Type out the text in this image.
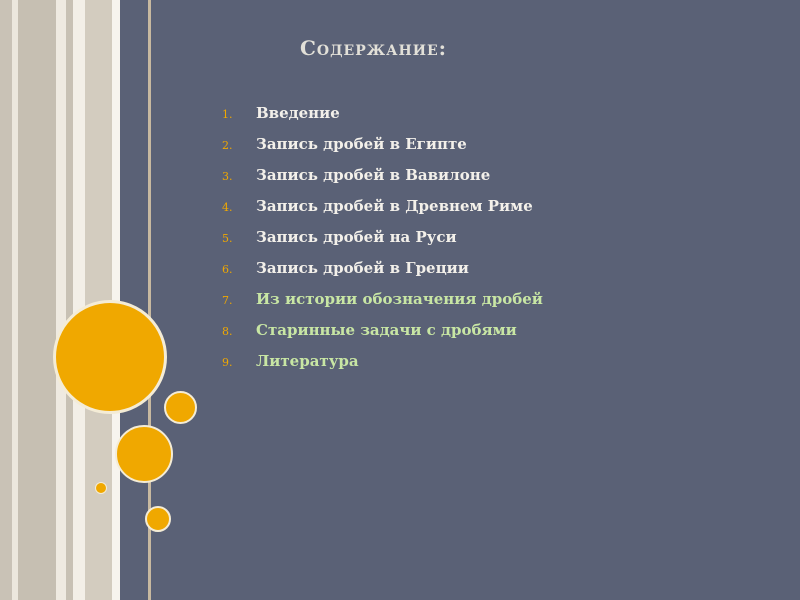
Содержание:
1.	Введение
2.	Запись дробей в Египте
3.	Запись дробей в Вавилоне
4.	Запись дробей в Древнем Риме
5.	Запись дробей на Руси
6.	Запись дробей в Греции
7.	Из истории обозначения дробей
8.	Старинные задачи с дробями
9.	Литература
